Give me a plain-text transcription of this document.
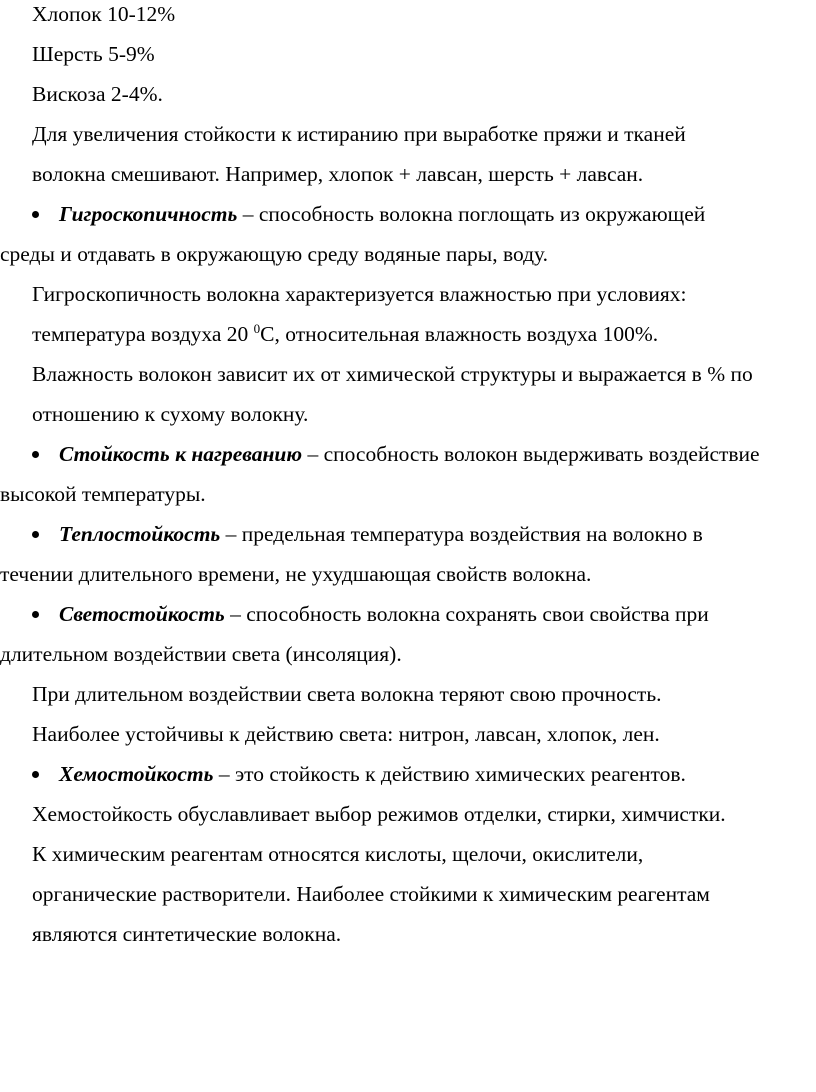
Хлопок 10-12%
Шерсть 5-9%
Вискоза 2-4%.
Для увеличения стойкости к истиранию при выработке пряжи и тканей
волокна смешивают. Например, хлопок + лавсан, шерсть + лавсан.
Гигроскопичность – способность волокна поглощать из окружающей
среды и отдавать в окружающую среду водяные пары, воду.
Гигроскопичность волокна характеризуется влажностью при условиях:
температура воздуха 20 $^0$С, относительная влажность воздуха 100%.
Влажность волокон зависит их от химической структуры и выражается в % по
отношению к сухому волокну.
Стойкость к нагреванию – способность волокон выдерживать воздействие
высокой температуры.
Теплостойкость – предельная температура воздействия на волокно в
течении длительного времени, не ухудшающая свойств волокна.
Светостойкость – способность волокна сохранять свои свойства при
длительном воздействии света (инсоляция).
При длительном воздействии света волокна теряют свою прочность.
Наиболее устойчивы к действию света: нитрон, лавсан, хлопок, лен.
Хемостойкость – это стойкость к действию химических реагентов.
Хемостойкость обуславливает выбор режимов отделки, стирки, химчистки.
К химическим реагентам относятся кислоты, щелочи, окислители,
органические растворители. Наиболее стойкими к химическим реагентам
являются синтетические волокна.
